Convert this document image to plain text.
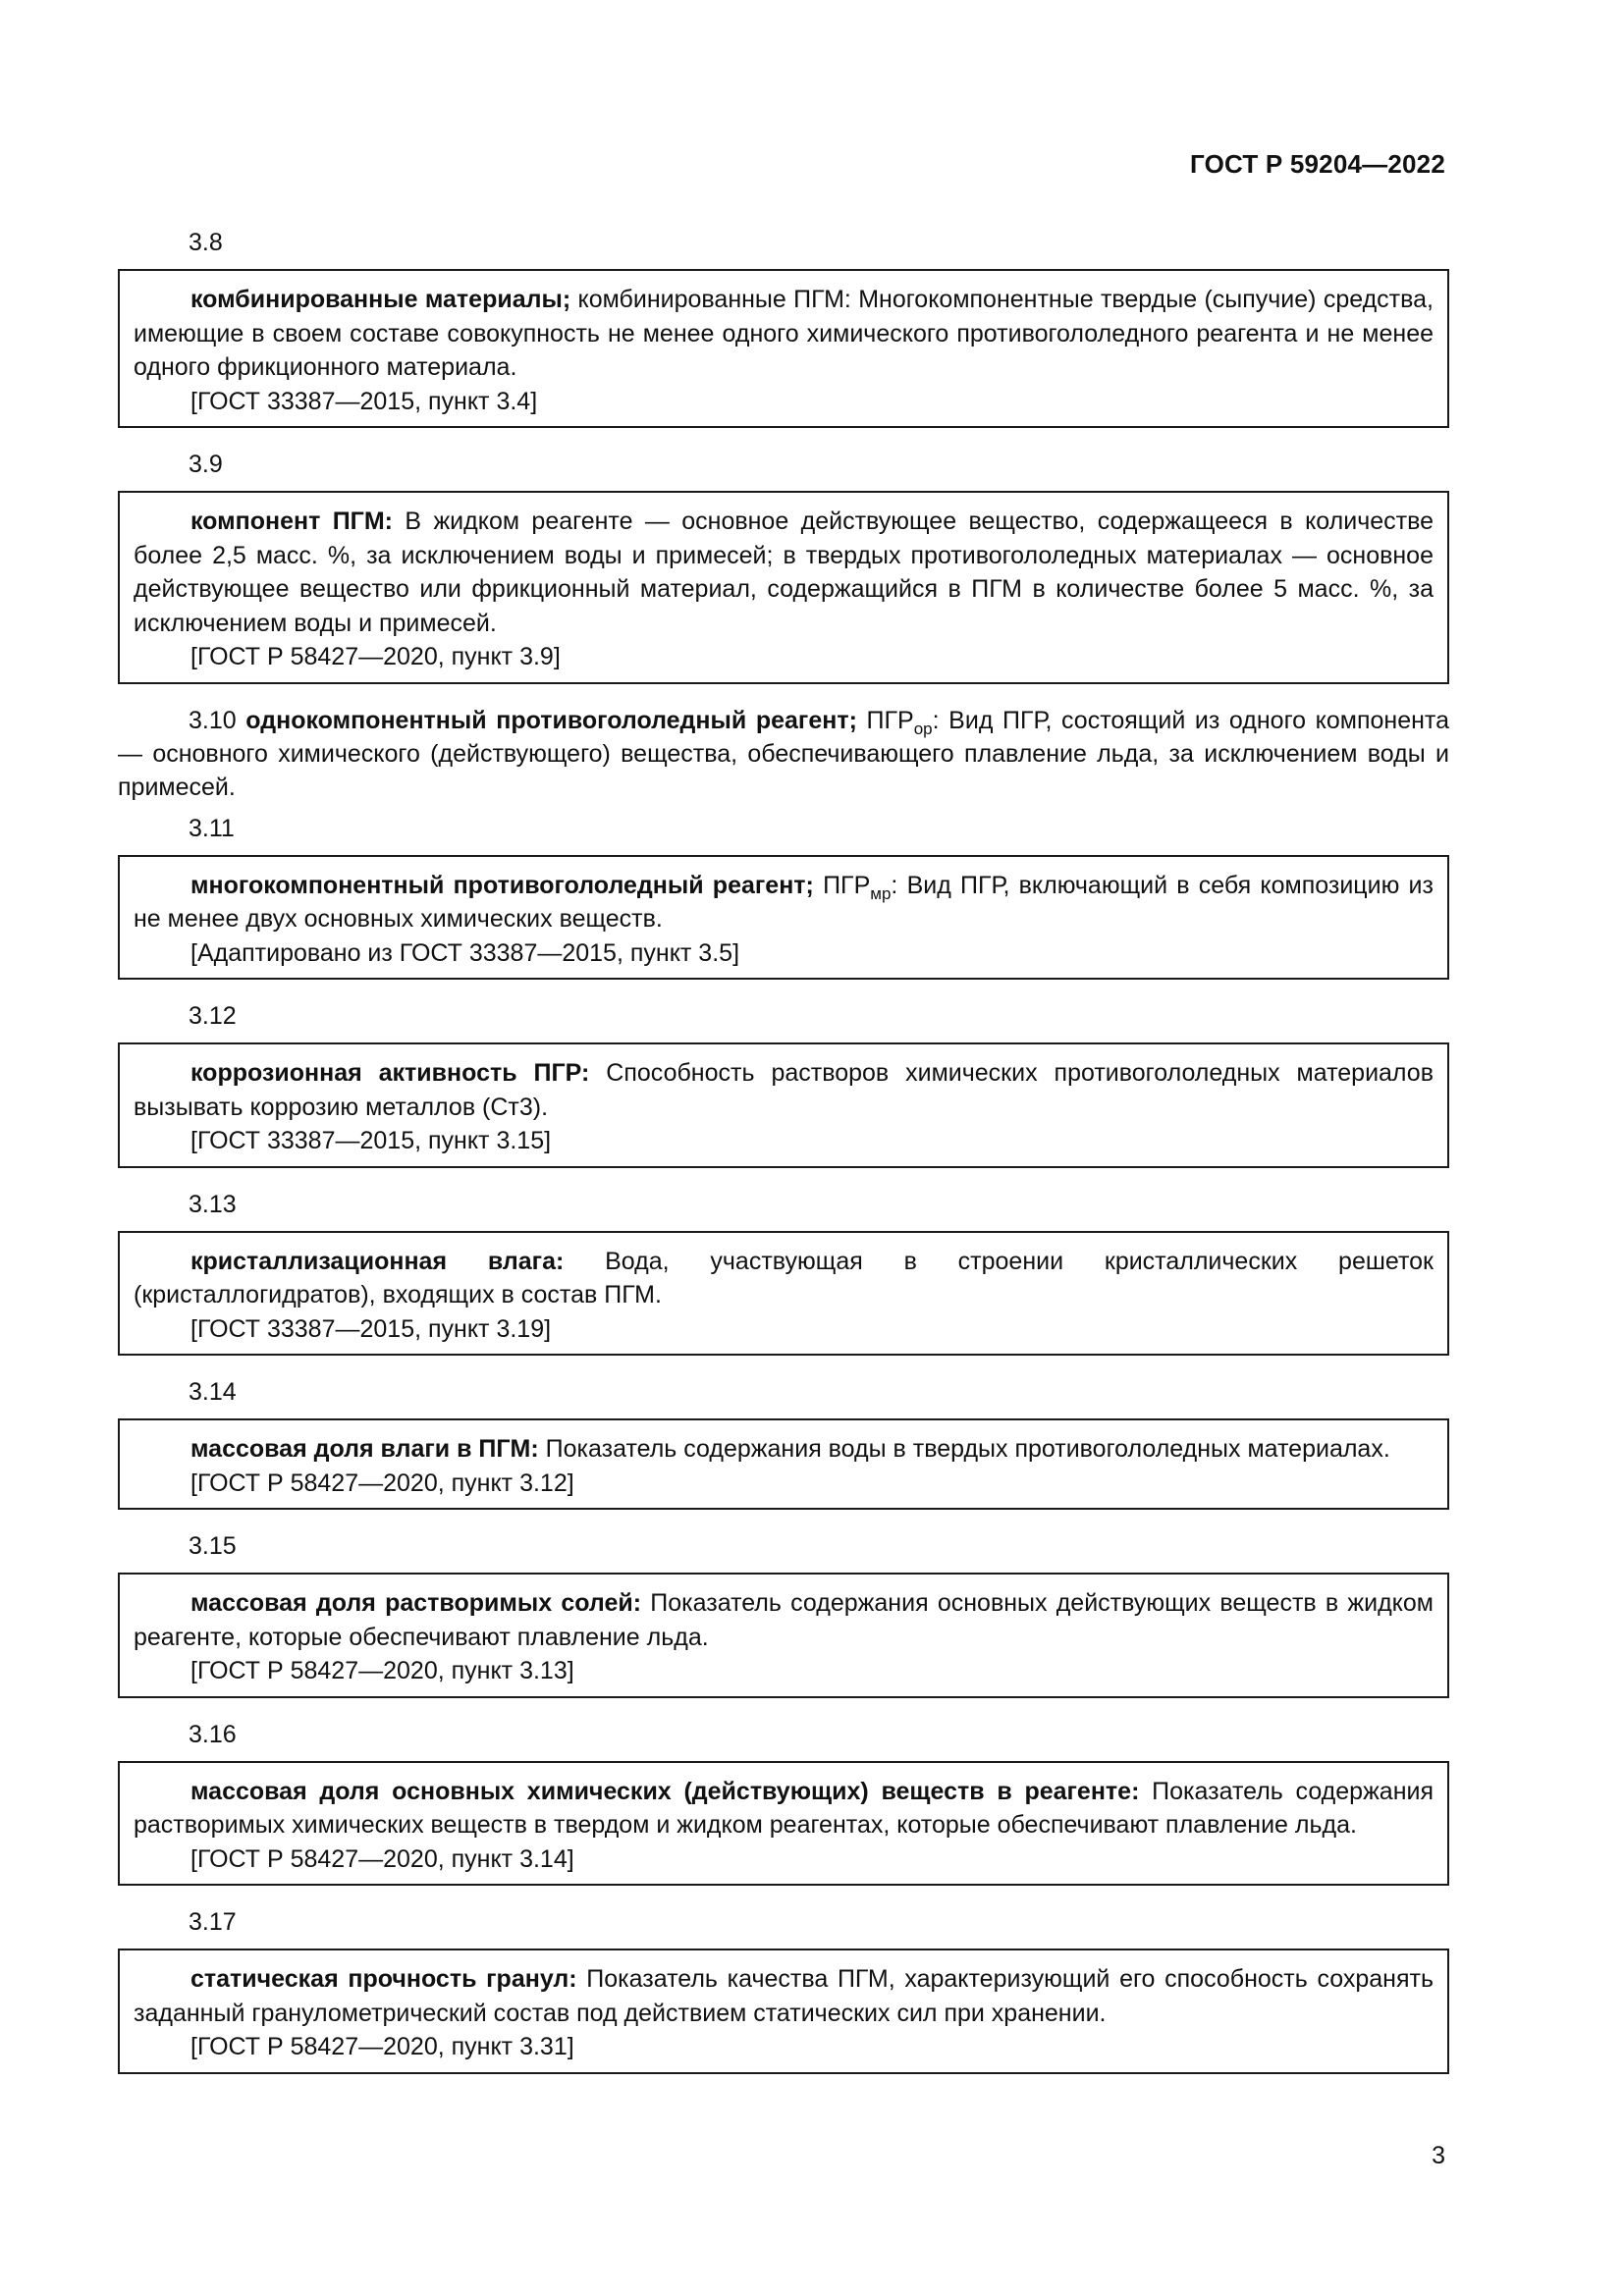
ГОСТ Р 59204—2022
3.8

комбинированные материалы; комбинированные ПГМ: Многокомпонентные твердые (сыпучие) средства, имеющие в своем составе совокупность не менее одного химического противогололедного реагента и не менее одного фрикционного материала.

[ГОСТ 33387—2015, пункт 3.4]

3.9

компонент ПГМ: В жидком реагенте — основное действующее вещество, содержащееся в количестве более 2,5 масс. %, за исключением воды и примесей; в твердых противогололедных материалах — основное действующее вещество или фрикционный материал, содержащийся в ПГМ в количестве более 5 масс. %, за исключением воды и примесей.

[ГОСТ Р 58427—2020, пункт 3.9]

3.10 однокомпонентный противогололедный реагент; $ПГР_{ор}$: Вид ПГР, состоящий из одного компонента — основного химического (действующего) вещества, обеспечивающего плавление льда, за исключением воды и примесей.

3.11

многокомпонентный противогололедный реагент; $ПГР_{мр}$: Вид ПГР, включающий в себя композицию из не менее двух основных химических веществ.

[Адаптировано из ГОСТ 33387—2015, пункт 3.5]

3.12

коррозионная активность ПГР: Способность растворов химических противогололедных материалов вызывать коррозию металлов (Ст3).

[ГОСТ 33387—2015, пункт 3.15]

3.13

кристаллизационная влага: Вода, участвующая в строении кристаллических решеток (кристаллогидратов), входящих в состав ПГМ.

[ГОСТ 33387—2015, пункт 3.19]

3.14

массовая доля влаги в ПГМ: Показатель содержания воды в твердых противогололедных материалах.

[ГОСТ Р 58427—2020, пункт 3.12]

3.15

массовая доля растворимых солей: Показатель содержания основных действующих веществ в жидком реагенте, которые обеспечивают плавление льда.

[ГОСТ Р 58427—2020, пункт 3.13]

3.16

массовая доля основных химических (действующих) веществ в реагенте: Показатель содержания растворимых химических веществ в твердом и жидком реагентах, которые обеспечивают плавление льда.

[ГОСТ Р 58427—2020, пункт 3.14]

3.17

статическая прочность гранул: Показатель качества ПГМ, характеризующий его способность сохранять заданный гранулометрический состав под действием статических сил при хранении.

[ГОСТ Р 58427—2020, пункт 3.31]

3
